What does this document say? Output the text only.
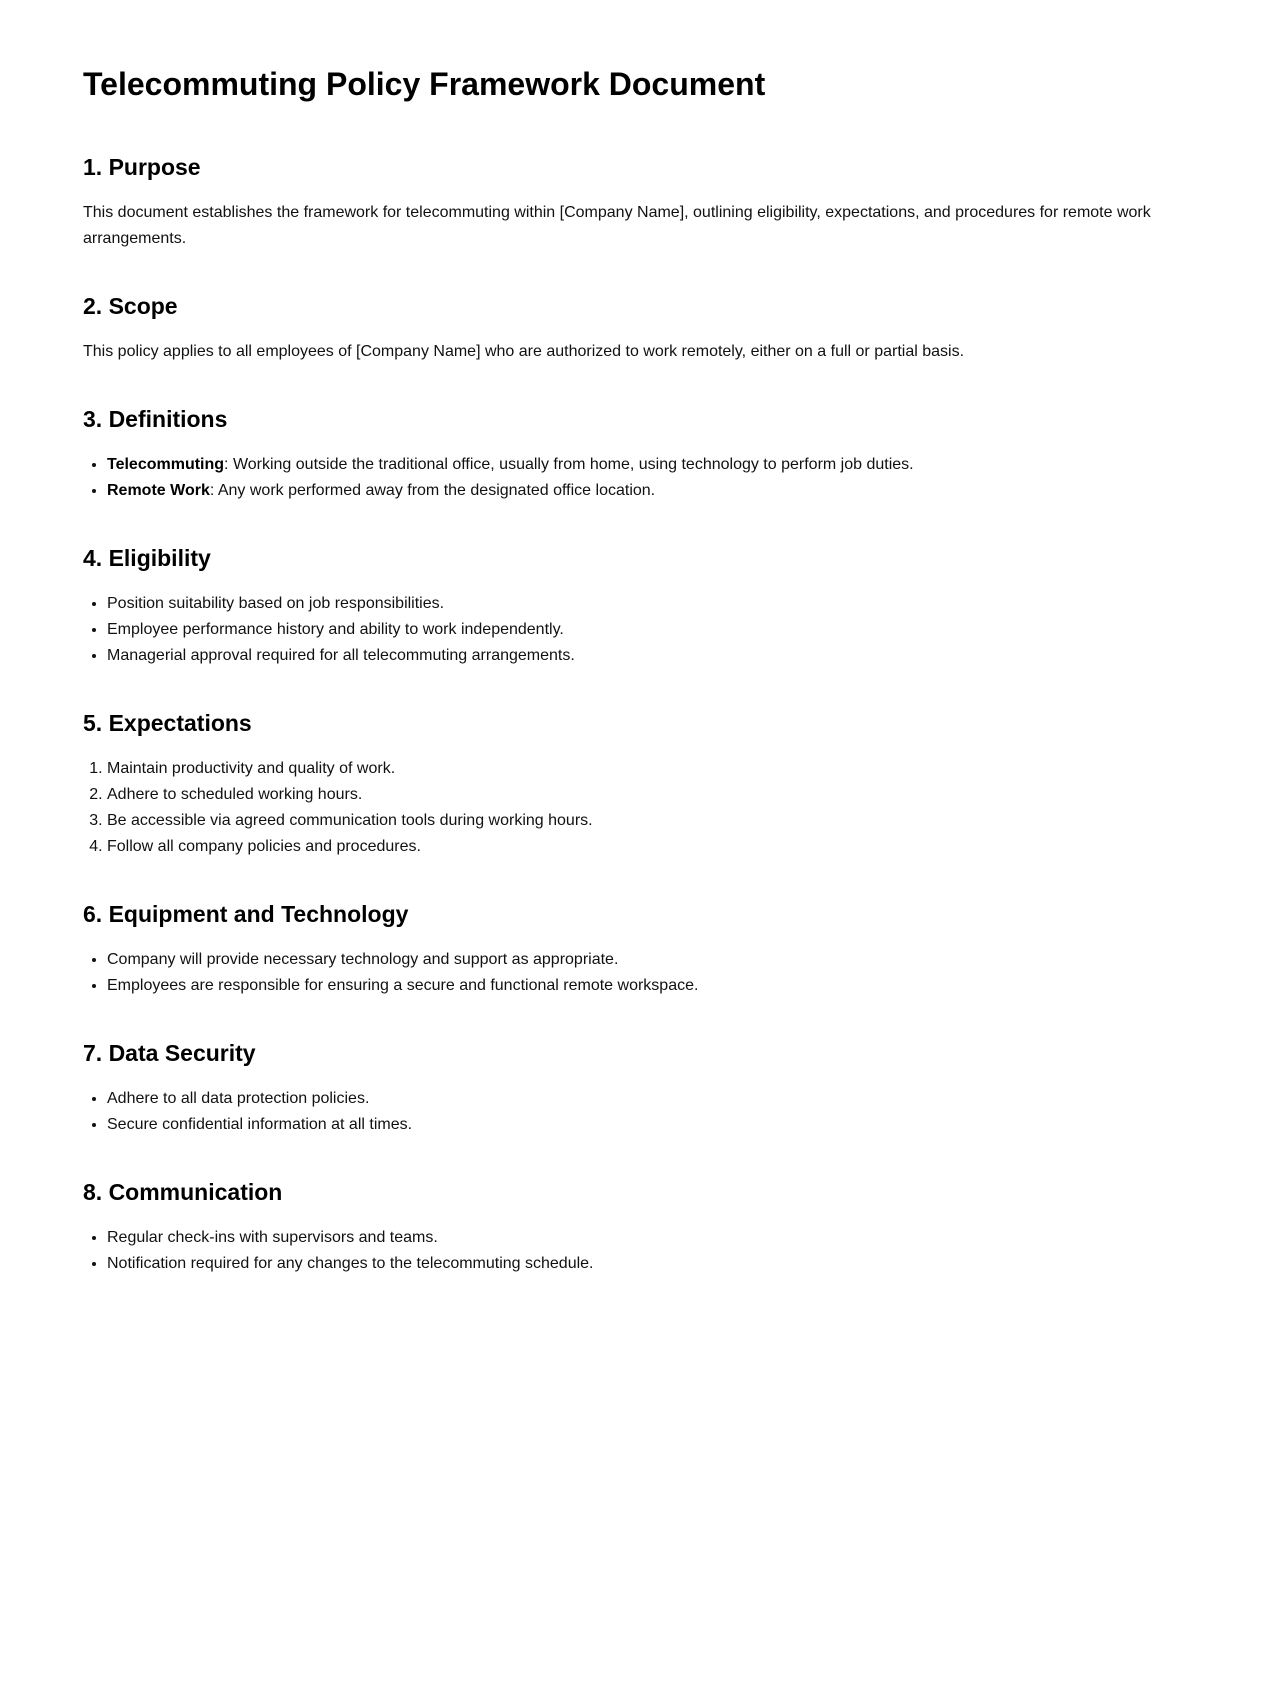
Telecommuting Policy Framework Document
1. Purpose

This document establishes the framework for telecommuting within [Company Name], outlining eligibility, expectations, and procedures for remote work arrangements.

2. Scope

This policy applies to all employees of [Company Name] who are authorized to work remotely, either on a full or partial basis.

3. Definitions
• Telecommuting: Working outside the traditional office, usually from home, using technology to perform job duties.
• Remote Work: Any work performed away from the designated office location.
4. Eligibility
• Position suitability based on job responsibilities.
• Employee performance history and ability to work independently.
• Managerial approval required for all telecommuting arrangements.
5. Expectations
1. Maintain productivity and quality of work.
2. Adhere to scheduled working hours.
3. Be accessible via agreed communication tools during working hours.
4. Follow all company policies and procedures.
6. Equipment and Technology
• Company will provide necessary technology and support as appropriate.
• Employees are responsible for ensuring a secure and functional remote workspace.
7. Data Security
• Adhere to all data protection policies.
• Secure confidential information at all times.
8. Communication
• Regular check-ins with supervisors and teams.
• Notification required for any changes to the telecommuting schedule.
